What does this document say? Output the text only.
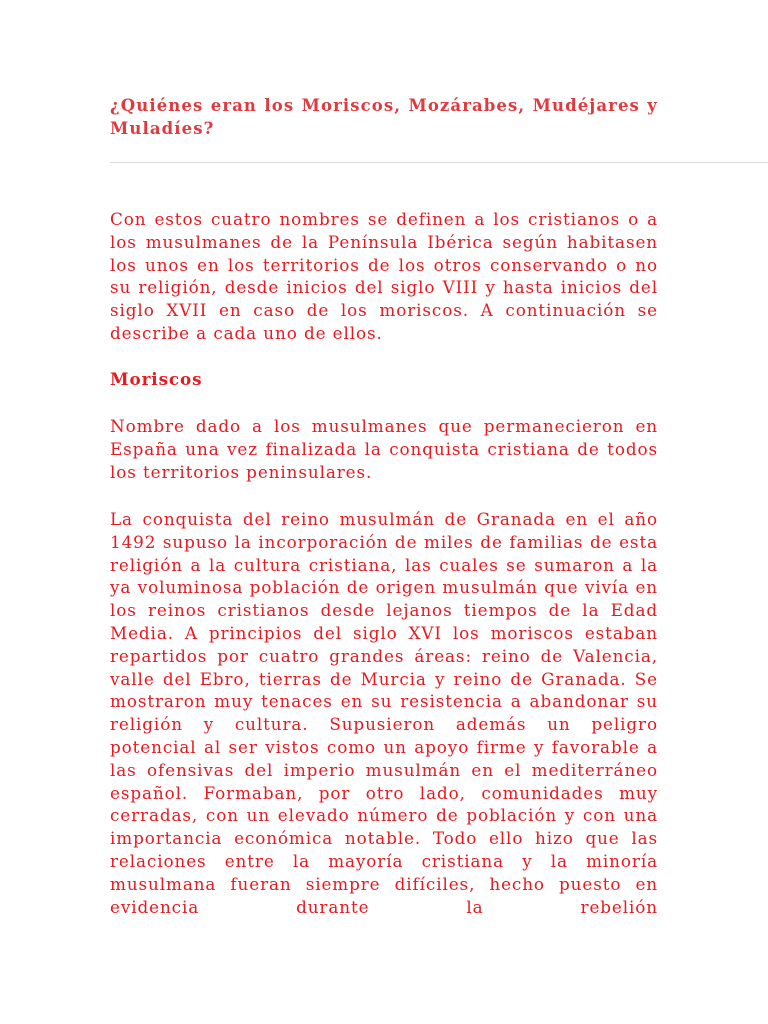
¿Quiénes eran los Moriscos, Mozárabes, Mudéjares y Muladíes?

Con estos cuatro nombres se definen a los cristianos o a los musulmanes de la Península Ibérica según habitasen los unos en los territorios de los otros conservando o no su religión, desde inicios del siglo VIII y hasta inicios del siglo XVII en caso de los moriscos. A continuación se describe a cada uno de ellos.

Moriscos

Nombre dado a los musulmanes que permanecieron en España una vez finalizada la conquista cristiana de todos los territorios peninsulares.

La conquista del reino musulmán de Granada en el año 1492 supuso la incorporación de miles de familias de esta religión a la cultura cristiana, las cuales se sumaron a la ya voluminosa población de origen musulmán que vivía en los reinos cristianos desde lejanos tiempos de la Edad Media. A principios del siglo XVI los moriscos estaban repartidos por cuatro grandes áreas: reino de Valencia, valle del Ebro, tierras de Murcia y reino de Granada. Se mostraron muy tenaces en su resistencia a abandonar su religión y cultura. Supusieron además un peligro potencial al ser vistos como un apoyo firme y favorable a las ofensivas del imperio musulmán en el mediterráneo español. Formaban, por otro lado, comunidades muy cerradas, con un elevado número de población y con una importancia económica notable. Todo ello hizo que las relaciones entre la mayoría cristiana y la minoría musulmana fueran siempre difíciles, hecho puesto en evidencia durante la rebelión
